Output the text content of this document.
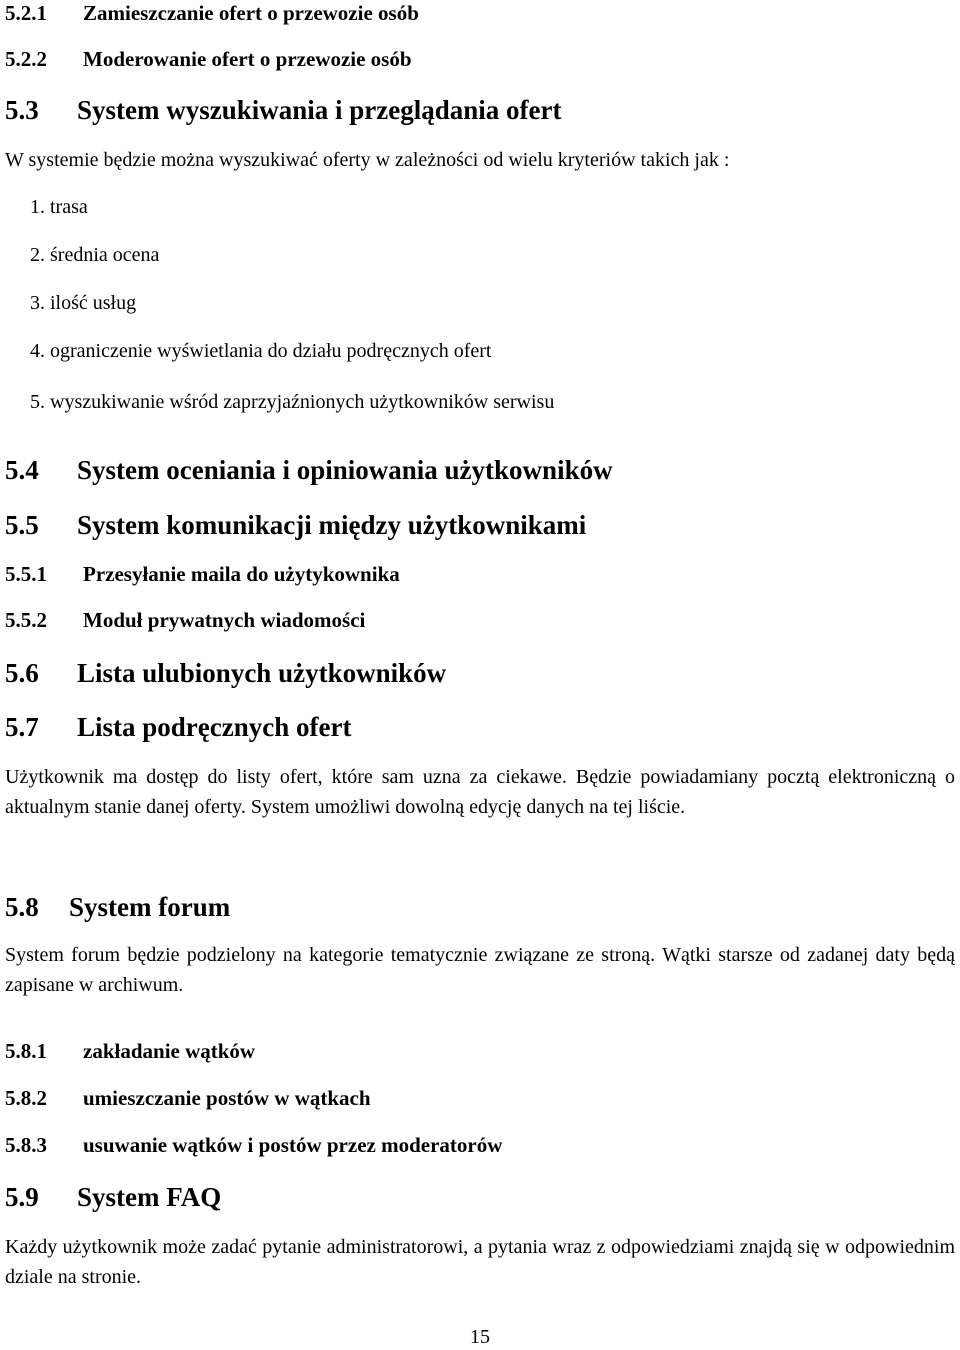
5.2.1 Zamieszczanie ofert o przewozie osób
5.2.2 Moderowanie ofert o przewozie osób
5.3 System wyszukiwania i przeglądania ofert
W systemie będzie można wyszukiwać oferty w zależności od wielu kryteriów takich jak :
1. trasa
2. średnia ocena
3. ilość usług
4. ograniczenie wyświetlania do działu podręcznych ofert
5. wyszukiwanie wśród zaprzyjaźnionych użytkowników serwisu
5.4 System oceniania i opiniowania użytkowników
5.5 System komunikacji między użytkownikami
5.5.1 Przesyłanie maila do użytykownika
5.5.2 Moduł prywatnych wiadomości
5.6 Lista ulubionych użytkowników
5.7 Lista podręcznych ofert
Użytkownik ma dostęp do listy ofert, które sam uzna za ciekawe. Będzie powiadamiany pocztą elektroniczną o aktualnym stanie danej oferty. System umożliwi dowolną edycję danych na tej liście.
5.8 System forum
System forum będzie podzielony na kategorie tematycznie związane ze stroną. Wątki starsze od zadanej daty będą zapisane w archiwum.
5.8.1 zakładanie wątków
5.8.2 umieszczanie postów w wątkach
5.8.3 usuwanie wątków i postów przez moderatorów
5.9 System FAQ
Każdy użytkownik może zadać pytanie administratorowi, a pytania wraz z odpowiedziami znajdą się w odpowiednim dziale na stronie.
15
